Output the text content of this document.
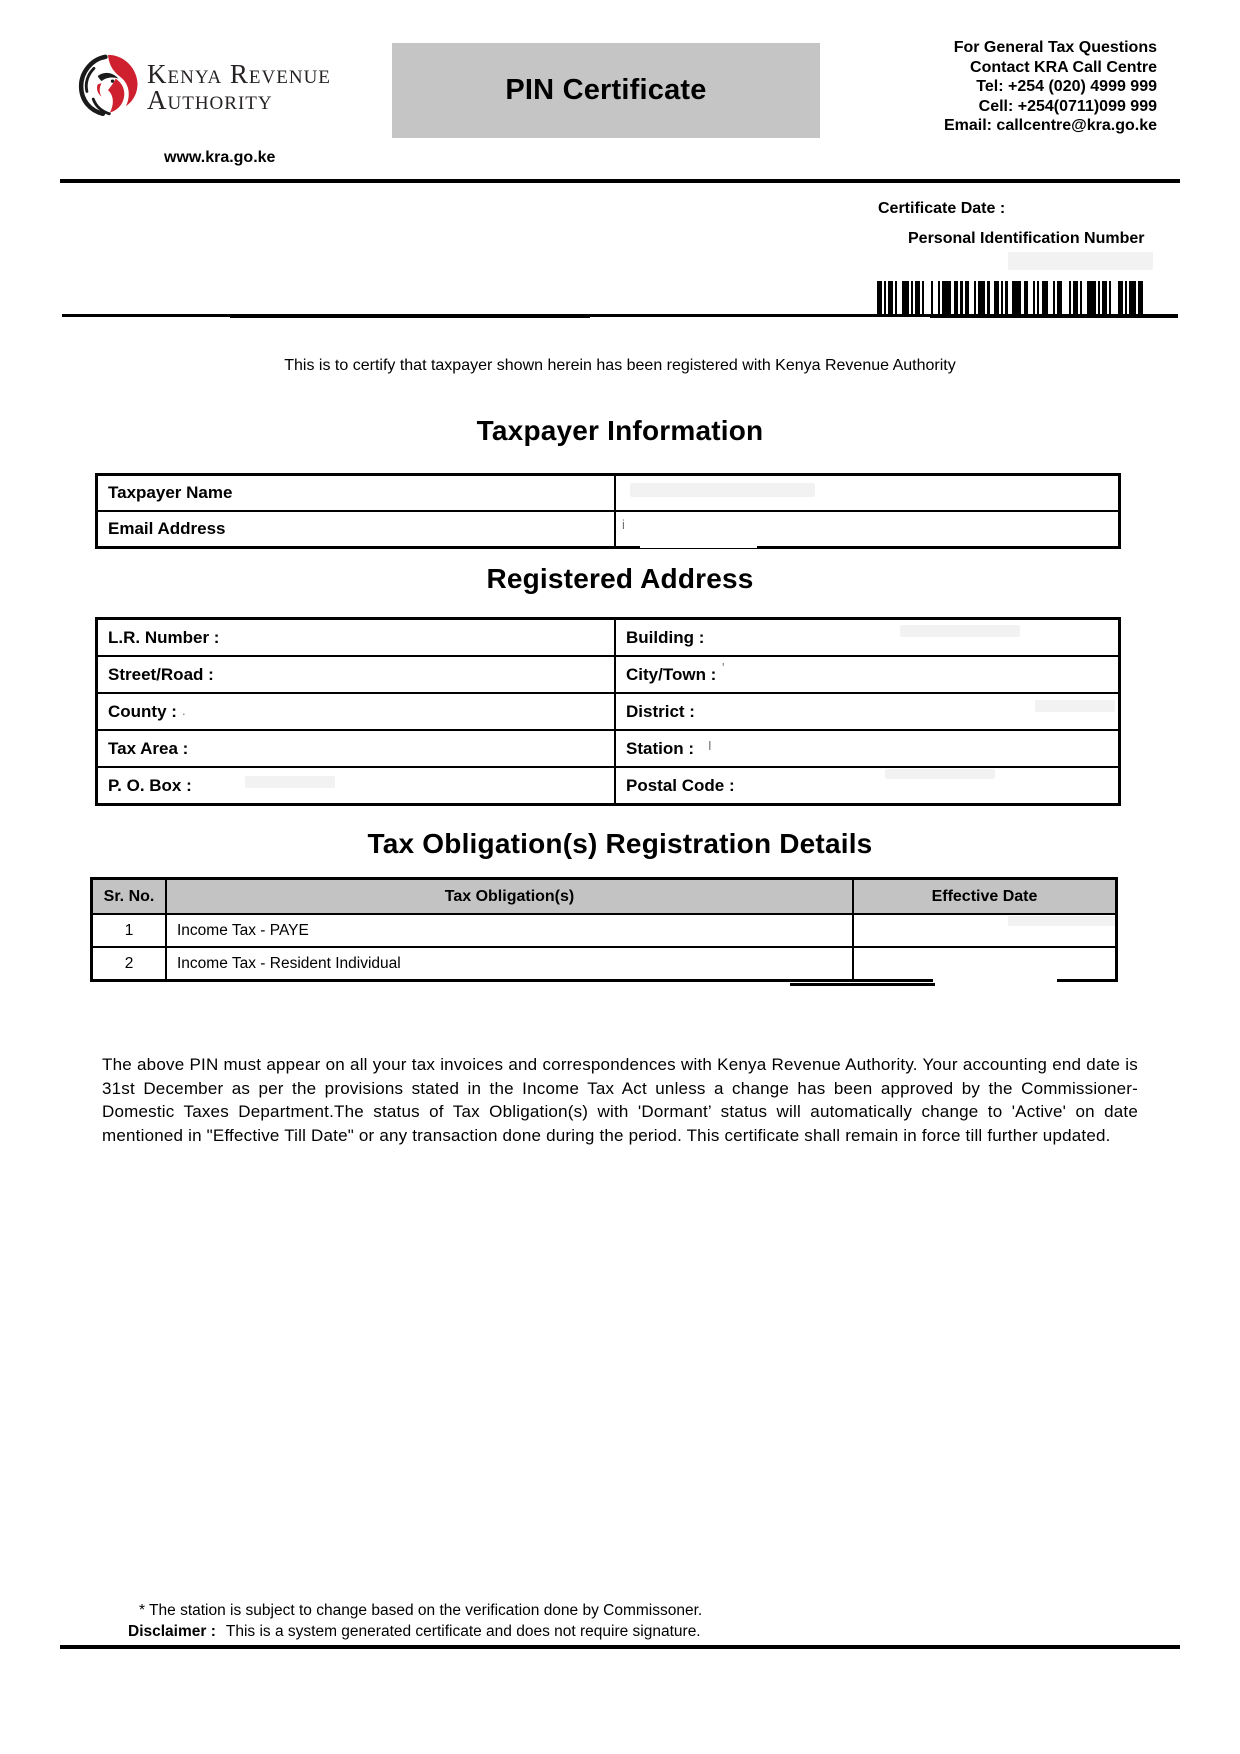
Kenya Revenue
Authority
www.kra.go.ke
PIN Certificate
For General Tax Questions
Contact KRA Call Centre
Tel: +254 (020) 4999 999
Cell: +254(0711)099 999
Email: callcentre@kra.go.ke
Certificate Date :
Personal Identification Number
This is to certify that taxpayer shown herein has been registered with Kenya Revenue Authority
Taxpayer Information
Taxpayer Name
Email Address	i
Registered Address
L.R. Number :	Building :
Street/Road :	City/Town :
County :	District :
Tax Area :	Station :
P. O. Box :	Postal Code :
'
.
I
Tax Obligation(s) Registration Details
Sr. No.	Tax Obligation(s)	Effective Date
1	Income Tax - PAYE
2	Income Tax - Resident Individual
The above PIN must appear on all your tax invoices and correspondences with Kenya Revenue Authority. Your accounting end date is 31st December as per the provisions stated in the Income Tax Act unless a change has been approved by the Commissioner-Domestic Taxes Department.The status of Tax Obligation(s) with 'Dormant’ status will automatically change to 'Active' on date mentioned in "Effective Till Date" or any transaction done during the period. This certificate shall remain in force till further updated.
* The station is subject to change based on the verification done by Commissoner.
Disclaimer : This is a system generated certificate and does not require signature.
